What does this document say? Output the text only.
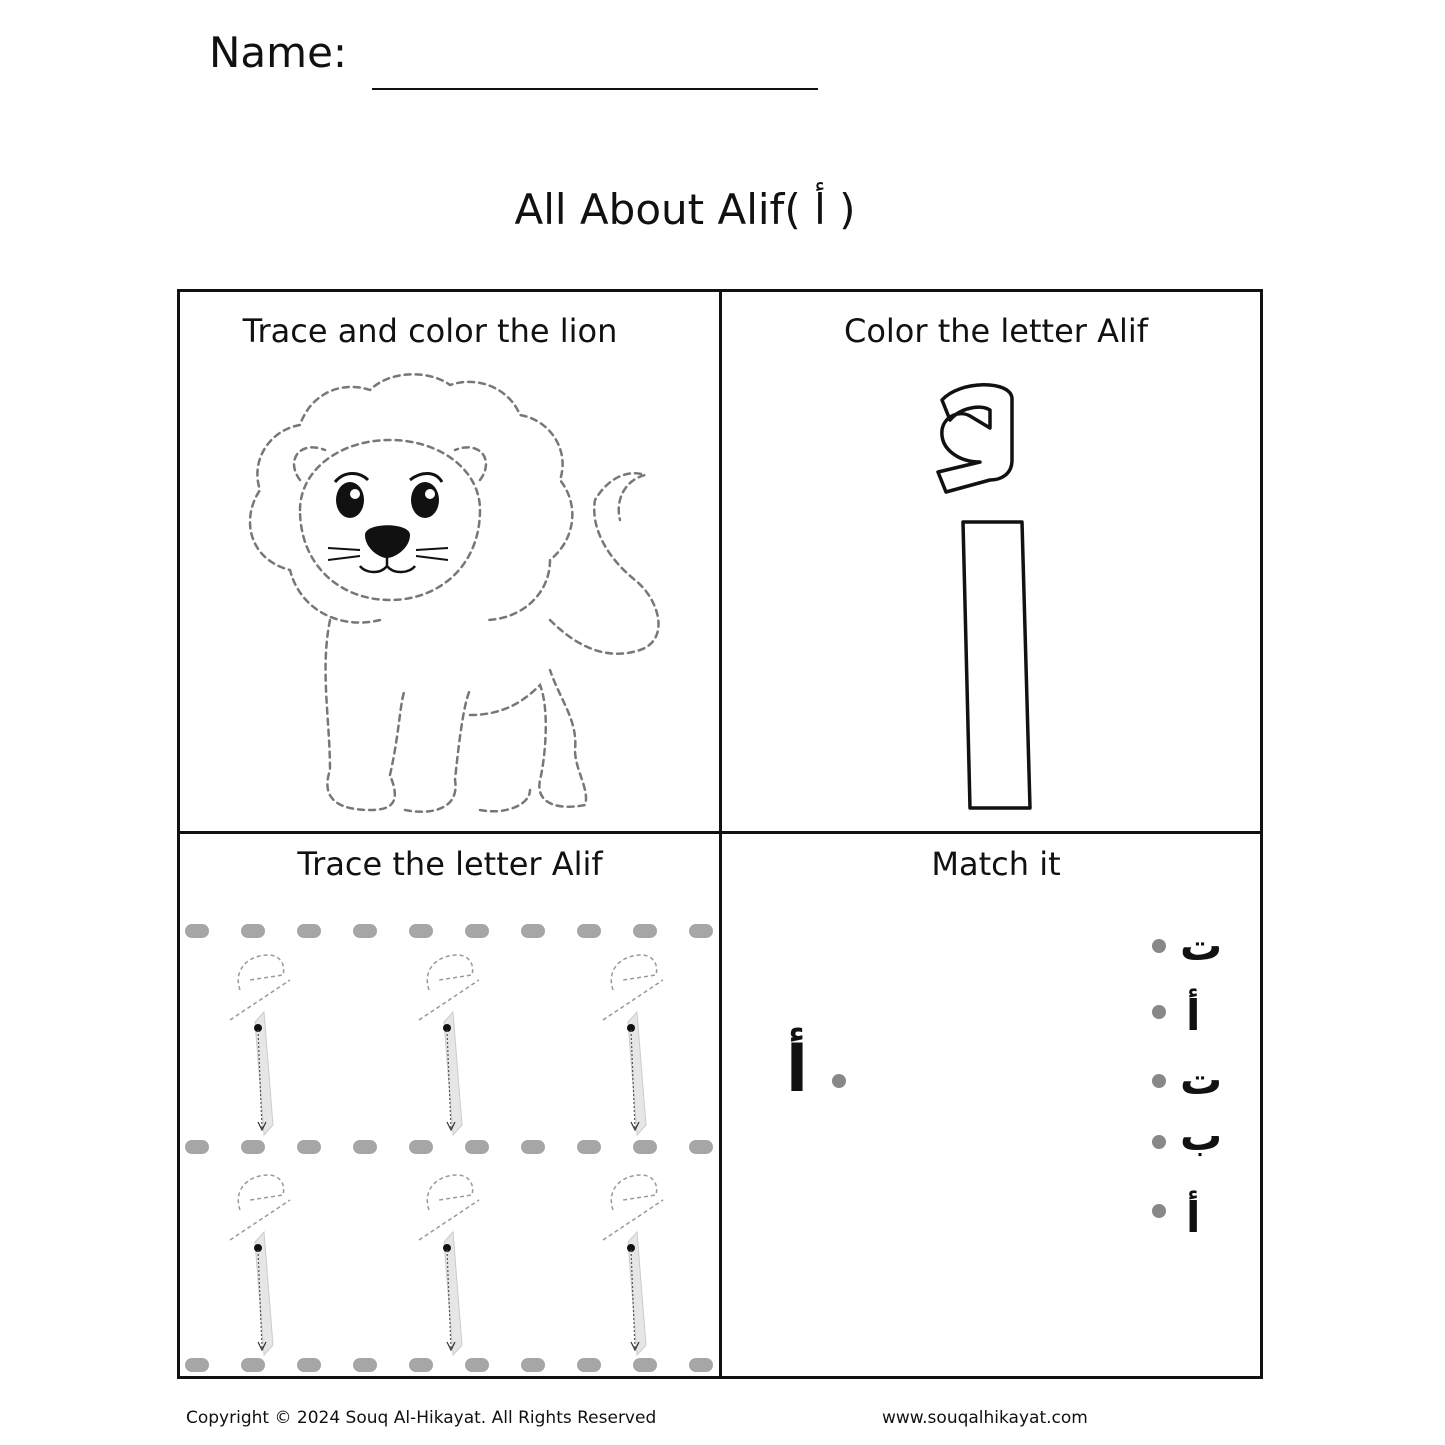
Name:
All About Alif( أ )
Trace and color the lion	Color the letter Alif
Trace the letter Alif	Match it
أ
ت
أ
ت
ب
أ
Copyright © 2024 Souq Al-Hikayat. All Rights Reserved	www.souqalhikayat.com
